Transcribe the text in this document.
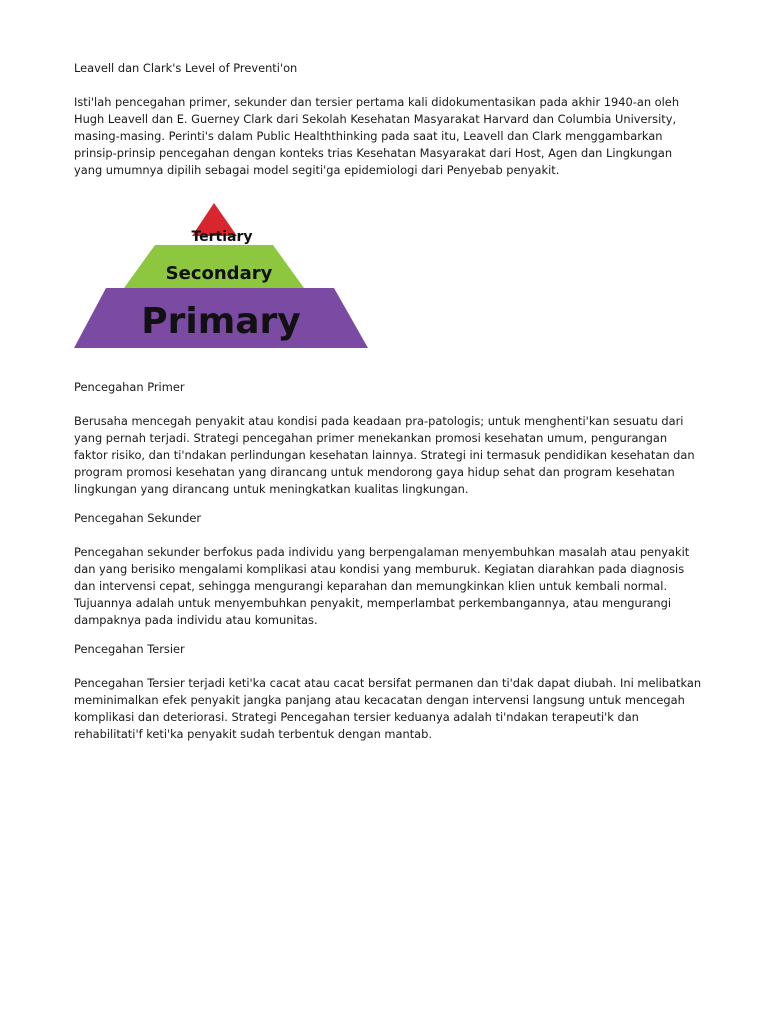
Leavell dan Clark's Level of Preventi'on

Isti'lah pencegahan primer, sekunder dan tersier pertama kali didokumentasikan pada akhir 1940-an oleh
Hugh Leavell dan E. Guerney Clark dari Sekolah Kesehatan Masyarakat Harvard dan Columbia University,
masing-masing. Perinti's dalam Public Healththinking pada saat itu, Leavell dan Clark menggambarkan
prinsip-prinsip pencegahan dengan konteks trias Kesehatan Masyarakat dari Host, Agen dan Lingkungan
yang umumnya dipilih sebagai model segiti'ga epidemiologi dari Penyebab penyakit.
Tertiary
Secondary
Primary

Pencegahan Primer

Berusaha mencegah penyakit atau kondisi pada keadaan pra-patologis; untuk menghenti'kan sesuatu dari
yang pernah terjadi. Strategi pencegahan primer menekankan promosi kesehatan umum, pengurangan
faktor risiko, dan ti'ndakan perlindungan kesehatan lainnya. Strategi ini termasuk pendidikan kesehatan dan
program promosi kesehatan yang dirancang untuk mendorong gaya hidup sehat dan program kesehatan
lingkungan yang dirancang untuk meningkatkan kualitas lingkungan.

Pencegahan Sekunder

Pencegahan sekunder berfokus pada individu yang berpengalaman menyembuhkan masalah atau penyakit
dan yang berisiko mengalami komplikasi atau kondisi yang memburuk. Kegiatan diarahkan pada diagnosis
dan intervensi cepat, sehingga mengurangi keparahan dan memungkinkan klien untuk kembali normal.
Tujuannya adalah untuk menyembuhkan penyakit, memperlambat perkembangannya, atau mengurangi
dampaknya pada individu atau komunitas.

Pencegahan Tersier

Pencegahan Tersier terjadi keti'ka cacat atau cacat bersifat permanen dan ti'dak dapat diubah. Ini melibatkan
meminimalkan efek penyakit jangka panjang atau kecacatan dengan intervensi langsung untuk mencegah
komplikasi dan deteriorasi. Strategi Pencegahan tersier keduanya adalah ti'ndakan terapeuti'k dan
rehabilitati'f keti'ka penyakit sudah terbentuk dengan mantab.
